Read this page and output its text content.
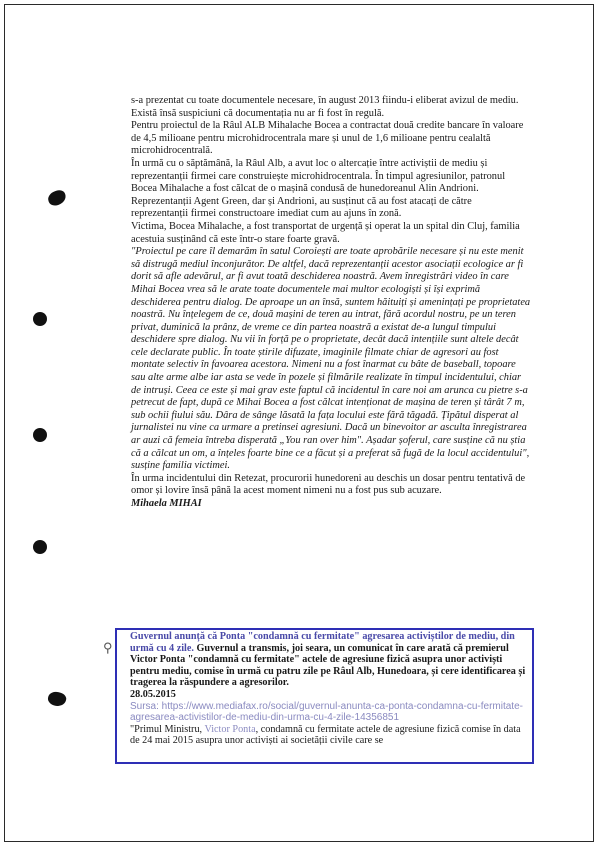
s-a prezentat cu toate documentele necesare, în august 2013 fiindu-i eliberat avizul de mediu.

Există însă suspiciuni că documentația nu ar fi fost în regulă.

Pentru proiectul de la Râul ALB Mihalache Bocea a contractat două credite bancare în valoare de 4,5 milioane pentru microhidrocentrala mare și unul de 1,6 milioane pentru cealaltă microhidrocentrală.

În urmă cu o săptămână, la Râul Alb, a avut loc o altercație între activiștii de mediu și reprezentanții firmei care construiește microhidrocentrala. În timpul agresiunilor, patronul Bocea Mihalache a fost călcat de o mașină condusă de hunedoreanul Alin Andrioni.

Reprezentanții Agent Green, dar și Andrioni, au susținut că au fost atacați de către reprezentanții firmei constructoare imediat cum au ajuns în zonă.

Victima, Bocea Mihalache, a fost transportat de urgență și operat la un spital din Cluj, familia acestuia susținând că este într-o stare foarte gravă.

"Proiectul pe care îl demarăm în satul Coroiești are toate aprobările necesare și nu este menit să distrugă mediul înconjurător. De altfel, dacă reprezentanții acestor asociații ecologice ar fi dorit să afle adevărul, ar fi avut toată deschiderea noastră. Avem înregistrări video în care Mihai Bocea vrea să le arate toate documentele mai multor ecologiști și își exprimă deschiderea pentru dialog. De aproape un an însă, suntem hăituiți și amenințați pe proprietatea noastră. Nu înțelegem de ce, două mașini de teren au intrat, fără acordul nostru, pe un teren privat, duminică la prânz, de vreme ce din partea noastră a existat de-a lungul timpului deschidere spre dialog. Nu vii în forță pe o proprietate, decât dacă intențiile sunt altele decât cele declarate public. În toate știrile difuzate, imaginile filmate chiar de agresori au fost montate selectiv în favoarea acestora. Nimeni nu a fost înarmat cu bâte de baseball, topoare sau alte arme albe iar asta se vede în pozele și filmările realizate în timpul incidentului, chiar de intruși. Ceea ce este și mai grav este faptul că incidentul în care noi am arunca cu pietre s-a petrecut de fapt, după ce Mihai Bocea a fost călcat intenționat de mașina de teren și târât 7 m, sub ochii fiului său. Dâra de sânge lăsată la fața locului este fără tăgadă. Țipătul disperat al jurnalistei nu vine ca urmare a pretinsei agresiuni. Dacă un binevoitor ar asculta înregistrarea ar auzi că femeia întreba disperată „You ran over him". Așadar șoferul, care susține că nu știa că a călcat un om, a înțeles foarte bine ce a făcut și a preferat să fugă de la locul accidentului", susține familia victimei.

În urma incidentului din Retezat, procurorii hunedoreni au deschis un dosar pentru tentativă de omor și lovire însă până la acest moment nimeni nu a fost pus sub acuzare.

Mihaela MIHAI

⚲
Guvernul anunță că Ponta "condamnă cu fermitate" agresarea activiștilor de mediu, din urmă cu 4 zile. Guvernul a transmis, joi seara, un comunicat în care arată că premierul Victor Ponta "condamnă cu fermitate" actele de agresiune fizică asupra unor activiști pentru mediu, comise în urmă cu patru zile pe Râul Alb, Hunedoara, și cere identificarea și tragerea la răspundere a agresorilor.
28.05.2015
Sursa: https://www.mediafax.ro/social/guvernul-anunta-ca-ponta-condamna-cu-fermitate-agresarea-activistilor-de-mediu-din-urma-cu-4-zile-14356851
"Primul Ministru, Victor Ponta, condamnă cu fermitate actele de agresiune fizică comise în data de 24 mai 2015 asupra unor activiști ai societății civile care se
